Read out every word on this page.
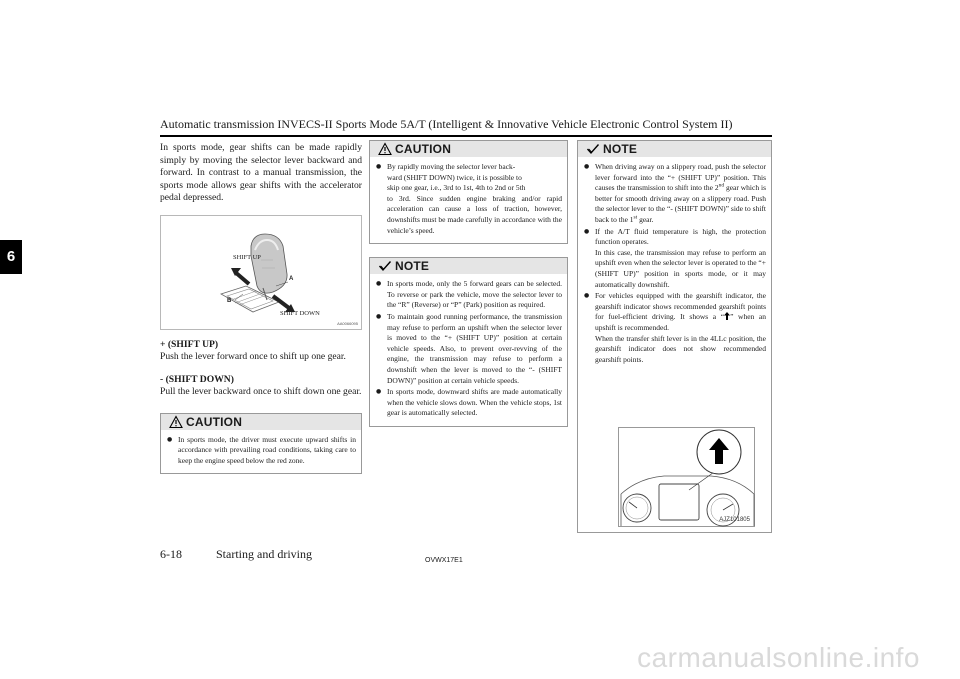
Automatic transmission INVECS-II Sports Mode 5A/T (Intelligent & Innovative Vehicle Electronic Control System II)
6

In sports mode, gear shifts can be made rapidly simply by moving the selector lever backward and forward. In contrast to a manual transmission, the sports mode allows gear shifts with the accelerator pedal depressed.

SHIFT UP
SHIFT DOWN
A
B
AA0066095

+ (SHIFT UP)

Push the lever forward once to shift up one gear.

- (SHIFT DOWN)

Pull the lever backward once to shift down one gear.

CAUTION
● In sports mode, the driver must execute upward shifts in accordance with prevailing road conditions, taking care to keep the engine speed below the red zone.
CAUTION
● By rapidly moving the selector lever back-
ward (SHIFT DOWN) twice, it is possible to
skip one gear, i.e., 3rd to 1st, 4th to 2nd or 5th
to 3rd. Since sudden engine braking and/or rapid acceleration can cause a loss of traction, however, downshifts must be made carefully in accordance with the vehicle’s speed.
NOTE
● In sports mode, only the 5 forward gears can be selected. To reverse or park the vehicle, move the selector lever to the “R” (Reverse) or “P” (Park) position as required.
● To maintain good running performance, the transmission may refuse to perform an upshift when the selector lever is moved to the “+ (SHIFT UP)” position at certain vehicle speeds. Also, to prevent over-revving of the engine, the transmission may refuse to perform a downshift when the lever is moved to the “- (SHIFT DOWN)” position at certain vehicle speeds.
● In sports mode, downward shifts are made automatically when the vehicle slows down. When the vehicle stops, 1st gear is automatically selected.
NOTE
● When driving away on a slippery road, push the selector lever forward into the “+ (SHIFT UP)” position. This causes the transmission to shift into the 2nd gear which is better for smooth driving away on a slippery road. Push the selector lever to the “- (SHIFT DOWN)” side to shift back to the 1st gear.
● If the A/T fluid temperature is high, the protection function operates.
In this case, the transmission may refuse to perform an upshift even when the selector lever is operated to the “+ (SHIFT UP)” position in sports mode, or it may automatically downshift.
● For vehicles equipped with the gearshift indicator, the gearshift indicator shows recommended gearshift points for fuel-efficient driving. It shows a “ ” when an upshift is recommended.
When the transfer shift lever is in the 4LLc position, the gearshift indicator does not show recommended gearshift points.
AJZ101805
6-18	Starting and driving	OVWX17E1
carmanualsonline.info
